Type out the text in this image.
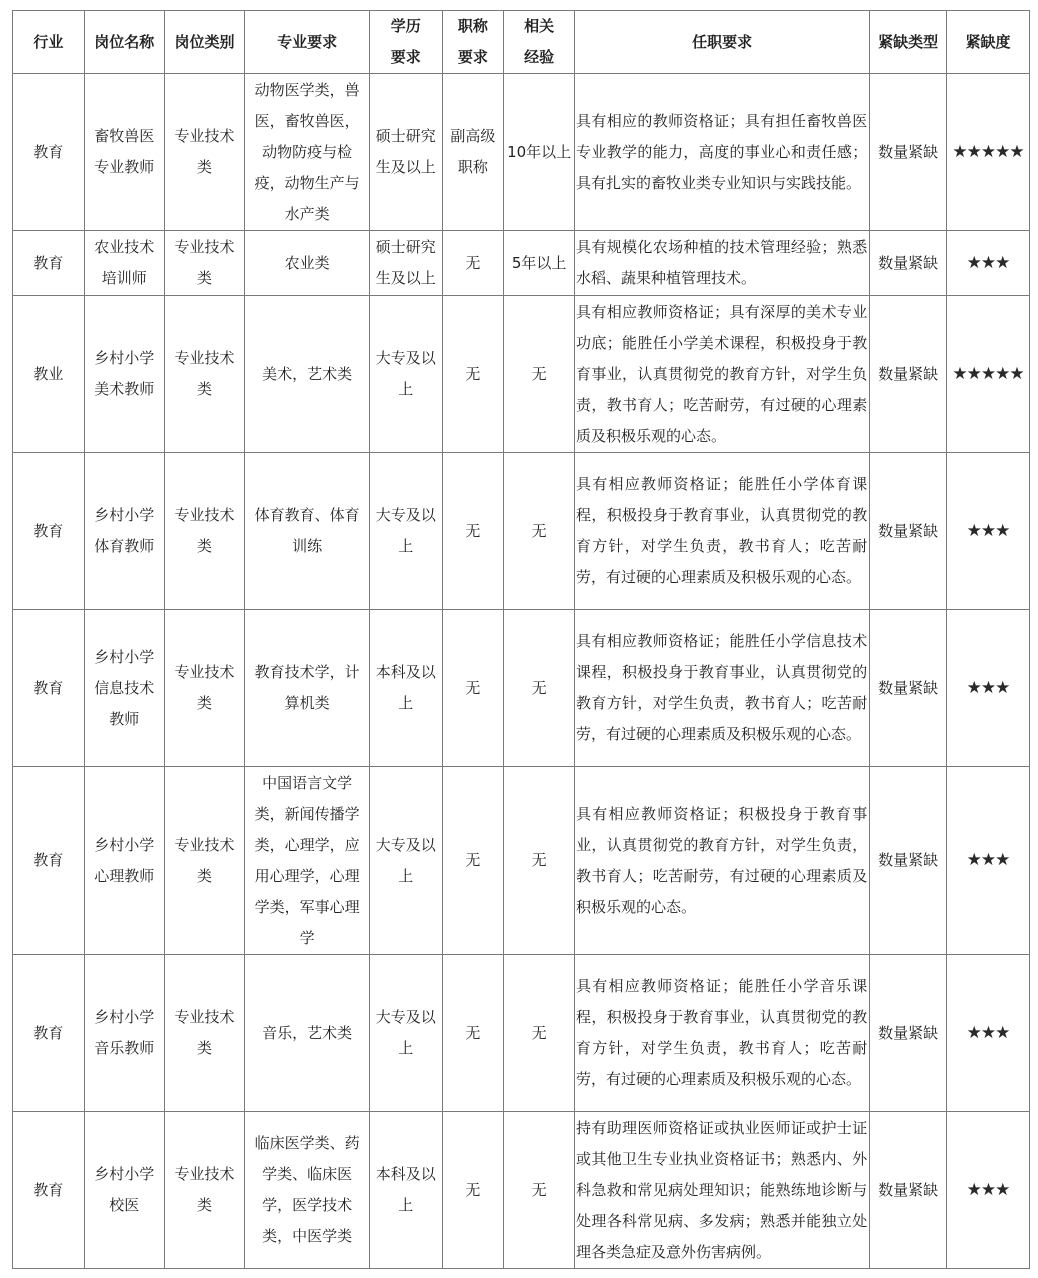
行业	岗位名称	岗位类别	专业要求	学历要求	职称要求	相关经验	任职要求	紧缺类型	紧缺度
教育	畜牧兽医专业教师	专业技术类	动物医学类，兽医，畜牧兽医，动物防疫与检疫，动物生产与水产类	硕士研究生及以上	副高级职称	10年以上	具有相应的教师资格证；具有担任畜牧兽医专业教学的能力，高度的事业心和责任感；具有扎实的畜牧业类专业知识与实践技能。	数量紧缺	★★★★★
教育	农业技术培训师	专业技术类	农业类	硕士研究生及以上	无	5年以上	具有规模化农场种植的技术管理经验；熟悉水稻、蔬果种植管理技术。	数量紧缺	★★★
教业	乡村小学美术教师	专业技术类	美术，艺术类	大专及以上	无	无	具有相应教师资格证；具有深厚的美术专业功底；能胜任小学美术课程，积极投身于教育事业，认真贯彻党的教育方针，对学生负责，教书育人；吃苦耐劳，有过硬的心理素质及积极乐观的心态。	数量紧缺	★★★★★
教育	乡村小学体育教师	专业技术类	体育教育、体育训练	大专及以上	无	无	具有相应教师资格证；能胜任小学体育课程，积极投身于教育事业，认真贯彻党的教育方针，对学生负责，教书育人；吃苦耐劳，有过硬的心理素质及积极乐观的心态。	数量紧缺	★★★
教育	乡村小学信息技术教师	专业技术类	教育技术学，计算机类	本科及以上	无	无	具有相应教师资格证；能胜任小学信息技术课程，积极投身于教育事业，认真贯彻党的教育方针，对学生负责，教书育人；吃苦耐劳，有过硬的心理素质及积极乐观的心态。	数量紧缺	★★★
教育	乡村小学心理教师	专业技术类	中国语言文学类，新闻传播学类，心理学，应用心理学，心理学类，军事心理学	大专及以上	无	无	具有相应教师资格证；积极投身于教育事业，认真贯彻党的教育方针，对学生负责，教书育人；吃苦耐劳，有过硬的心理素质及积极乐观的心态。	数量紧缺	★★★
教育	乡村小学音乐教师	专业技术类	音乐，艺术类	大专及以上	无	无	具有相应教师资格证；能胜任小学音乐课程，积极投身于教育事业，认真贯彻党的教育方针，对学生负责，教书育人；吃苦耐劳，有过硬的心理素质及积极乐观的心态。	数量紧缺	★★★
教育	乡村小学校医	专业技术类	临床医学类、药学类、临床医学，医学技术类，中医学类	本科及以上	无	无	持有助理医师资格证或执业医师证或护士证或其他卫生专业执业资格证书；熟悉内、外科急救和常见病处理知识；能熟练地诊断与处理各科常见病、多发病；熟悉并能独立处理各类急症及意外伤害病例。	数量紧缺	★★★
